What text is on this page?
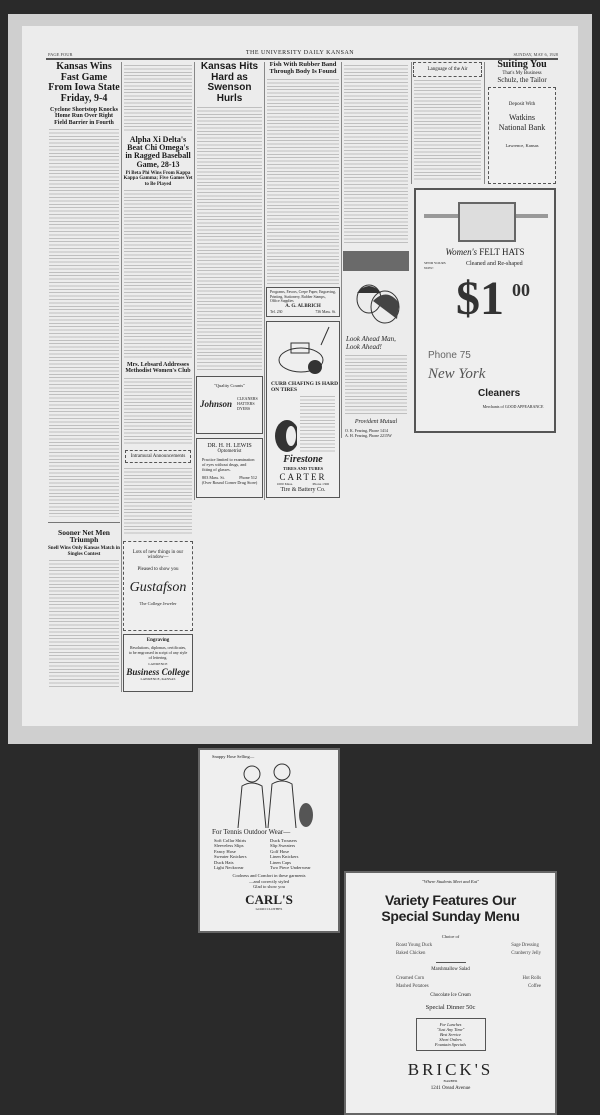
PAGE FOUR	THE UNIVERSITY DAILY KANSAN	SUNDAY, MAY 6, 1928
Kansas Wins Fast Game From Iowa State Friday, 9-4
Cyclone Shortstop Knocks Home Run Over Right Field Barrier in Fourth
Sooner Net Men Triumph
Snell Wins Only Kansas Match in Singles Contest
Alpha Xi Delta's Beat Chi Omega's in Ragged Baseball Game, 28-13
Pi Beta Phi Wins From Kappa Kappa Gamma; Five Games Yet to Be Played
Mrs. Lebsard Addresses Methodist Women's Club
Intramural Announcements
Lots of new things in our window—
Pleased to show you
Gustafson
The College Jeweler
Engraving
Resolutions, diplomas, certificates, to be engrossed in script of any style of lettering.
LAWRENCE
Business College
LAWRENCE, KANSAS
Kansas Hits Hard as Swenson Hurls
"Quality Counts"
Johnson CLEANERS HATTERS DYERS
DR. H. H. LEWIS
Optometrist
Practice limited to examination of eyes without drugs, and fitting of glasses.
803 Mass. St.	Phone 512
(Over Round Corner Drug Store)
Fish With Rubber Band Through Body Is Found
Programs, Favors, Crepe Paper, Engraving, Printing, Stationery, Rubber Stamps, Office Supplies
A. G. ALBRICH
Tel. 230	736 Mass. St.
CURB CHAFING IS HARD ON TIRES
Firestone
TIRES AND TUBES
CARTER
1000 Mass.	Phone 1306
Tire & Battery Co.
Look Ahead Man, Look Ahead!
Provident Mutual
O. K. Fearing, Phone 1414
A. H. Fearing, Phone 2215W
Language of the Air	Suiting You
That's My Business
Schulz, the Tailor
Deposit With
Watkins National Bank
Lawrence, Kansas
Women's FELT HATS
SEND YOURS NOW!
Cleaned and Re-shaped
$1 00
Phone 75
New York
Cleaners
Merchants of GOOD APPEARANCE
Snappy Hose Selling—
For Tennis Outdoor Wear—
Soft Collar Shirts
Sleeveless Slips
Fancy Hose
Sweater Knickers
Duck Hats
Light Neckwear
Duck Trousers
Slip Sweaters
Golf Hose
Linen Knickers
Linen Caps
Two Piece Underwear
Coolness and Comfort in these garments
—and correctly styled
Glad to show you
CARL'S
GOOD CLOTHES
"Where Students Meet and Eat"
Variety Features Our
Special Sunday Menu
Choice of
Roast Young Duck
Baked Chicken
Sage Dressing
Cranberry Jelly
Marshmallow Salad
Creamed Corn
Mashed Potatoes
Hot Rolls
Coffee
Chocolate Ice Cream
Special Dinner 50c
For Lunches
"Just Any Time"
Best Service
Short Orders
Fountain Specials
BRICK'S
BARBER
1241 Oread Avenue
